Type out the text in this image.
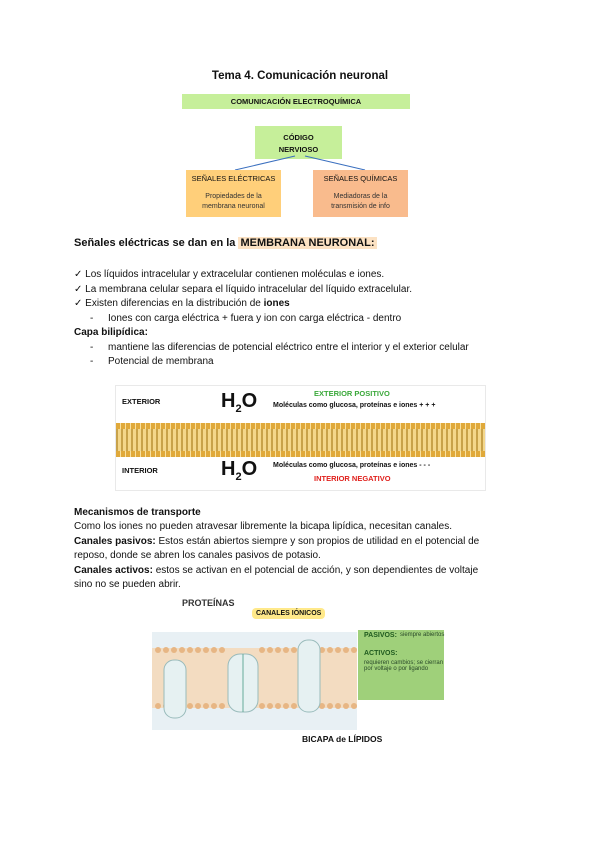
Tema 4. Comunicación neuronal
COMUNICACIÓN ELECTROQUÍMICA
CÓDIGO
NERVIOSO
SEÑALES ELÉCTRICAS
Propiedades de la
membrana neuronal
SEÑALES QUÍMICAS
Mediadoras de la
transmisión de info
Señales eléctricas se dan en la MEMBRANA NEURONAL:
✓ Los líquidos intracelular y extracelular contienen moléculas e iones.
✓ La membrana celular separa el líquido intracelular del líquido extracelular.
✓ Existen diferencias en la distribución de iones
- Iones con carga eléctrica + fuera y ion con carga eléctrica - dentro
Capa bilipídica:
- mantiene las diferencias de potencial eléctrico entre el interior y el exterior celular
- Potencial de membrana
EXTERIOR	$H_2O$	EXTERIOR POSITIVO
Moléculas como glucosa, proteínas e iones + + +
INTERIOR	$H_2O$ Moléculas como glucosa, proteínas e iones - - -
INTERIOR NEGATIVO
Mecanismos de transporte
Como los iones no pueden atravesar libremente la bicapa lipídica, necesitan canales.
Canales pasivos: Estos están abiertos siempre y son propios de utilidad en el potencial de
reposo, donde se abren los canales pasivos de potasio.
Canales activos: estos se activan en el potencial de acción, y son dependientes de voltaje
sino no se pueden abrir.
PROTEÍNAS
CANALES IÓNICOS
PASIVOS: siempre abiertos
ACTIVOS:
requieren cambios; se cierran por voltaje o por ligando
BICAPA de LÍPIDOS
